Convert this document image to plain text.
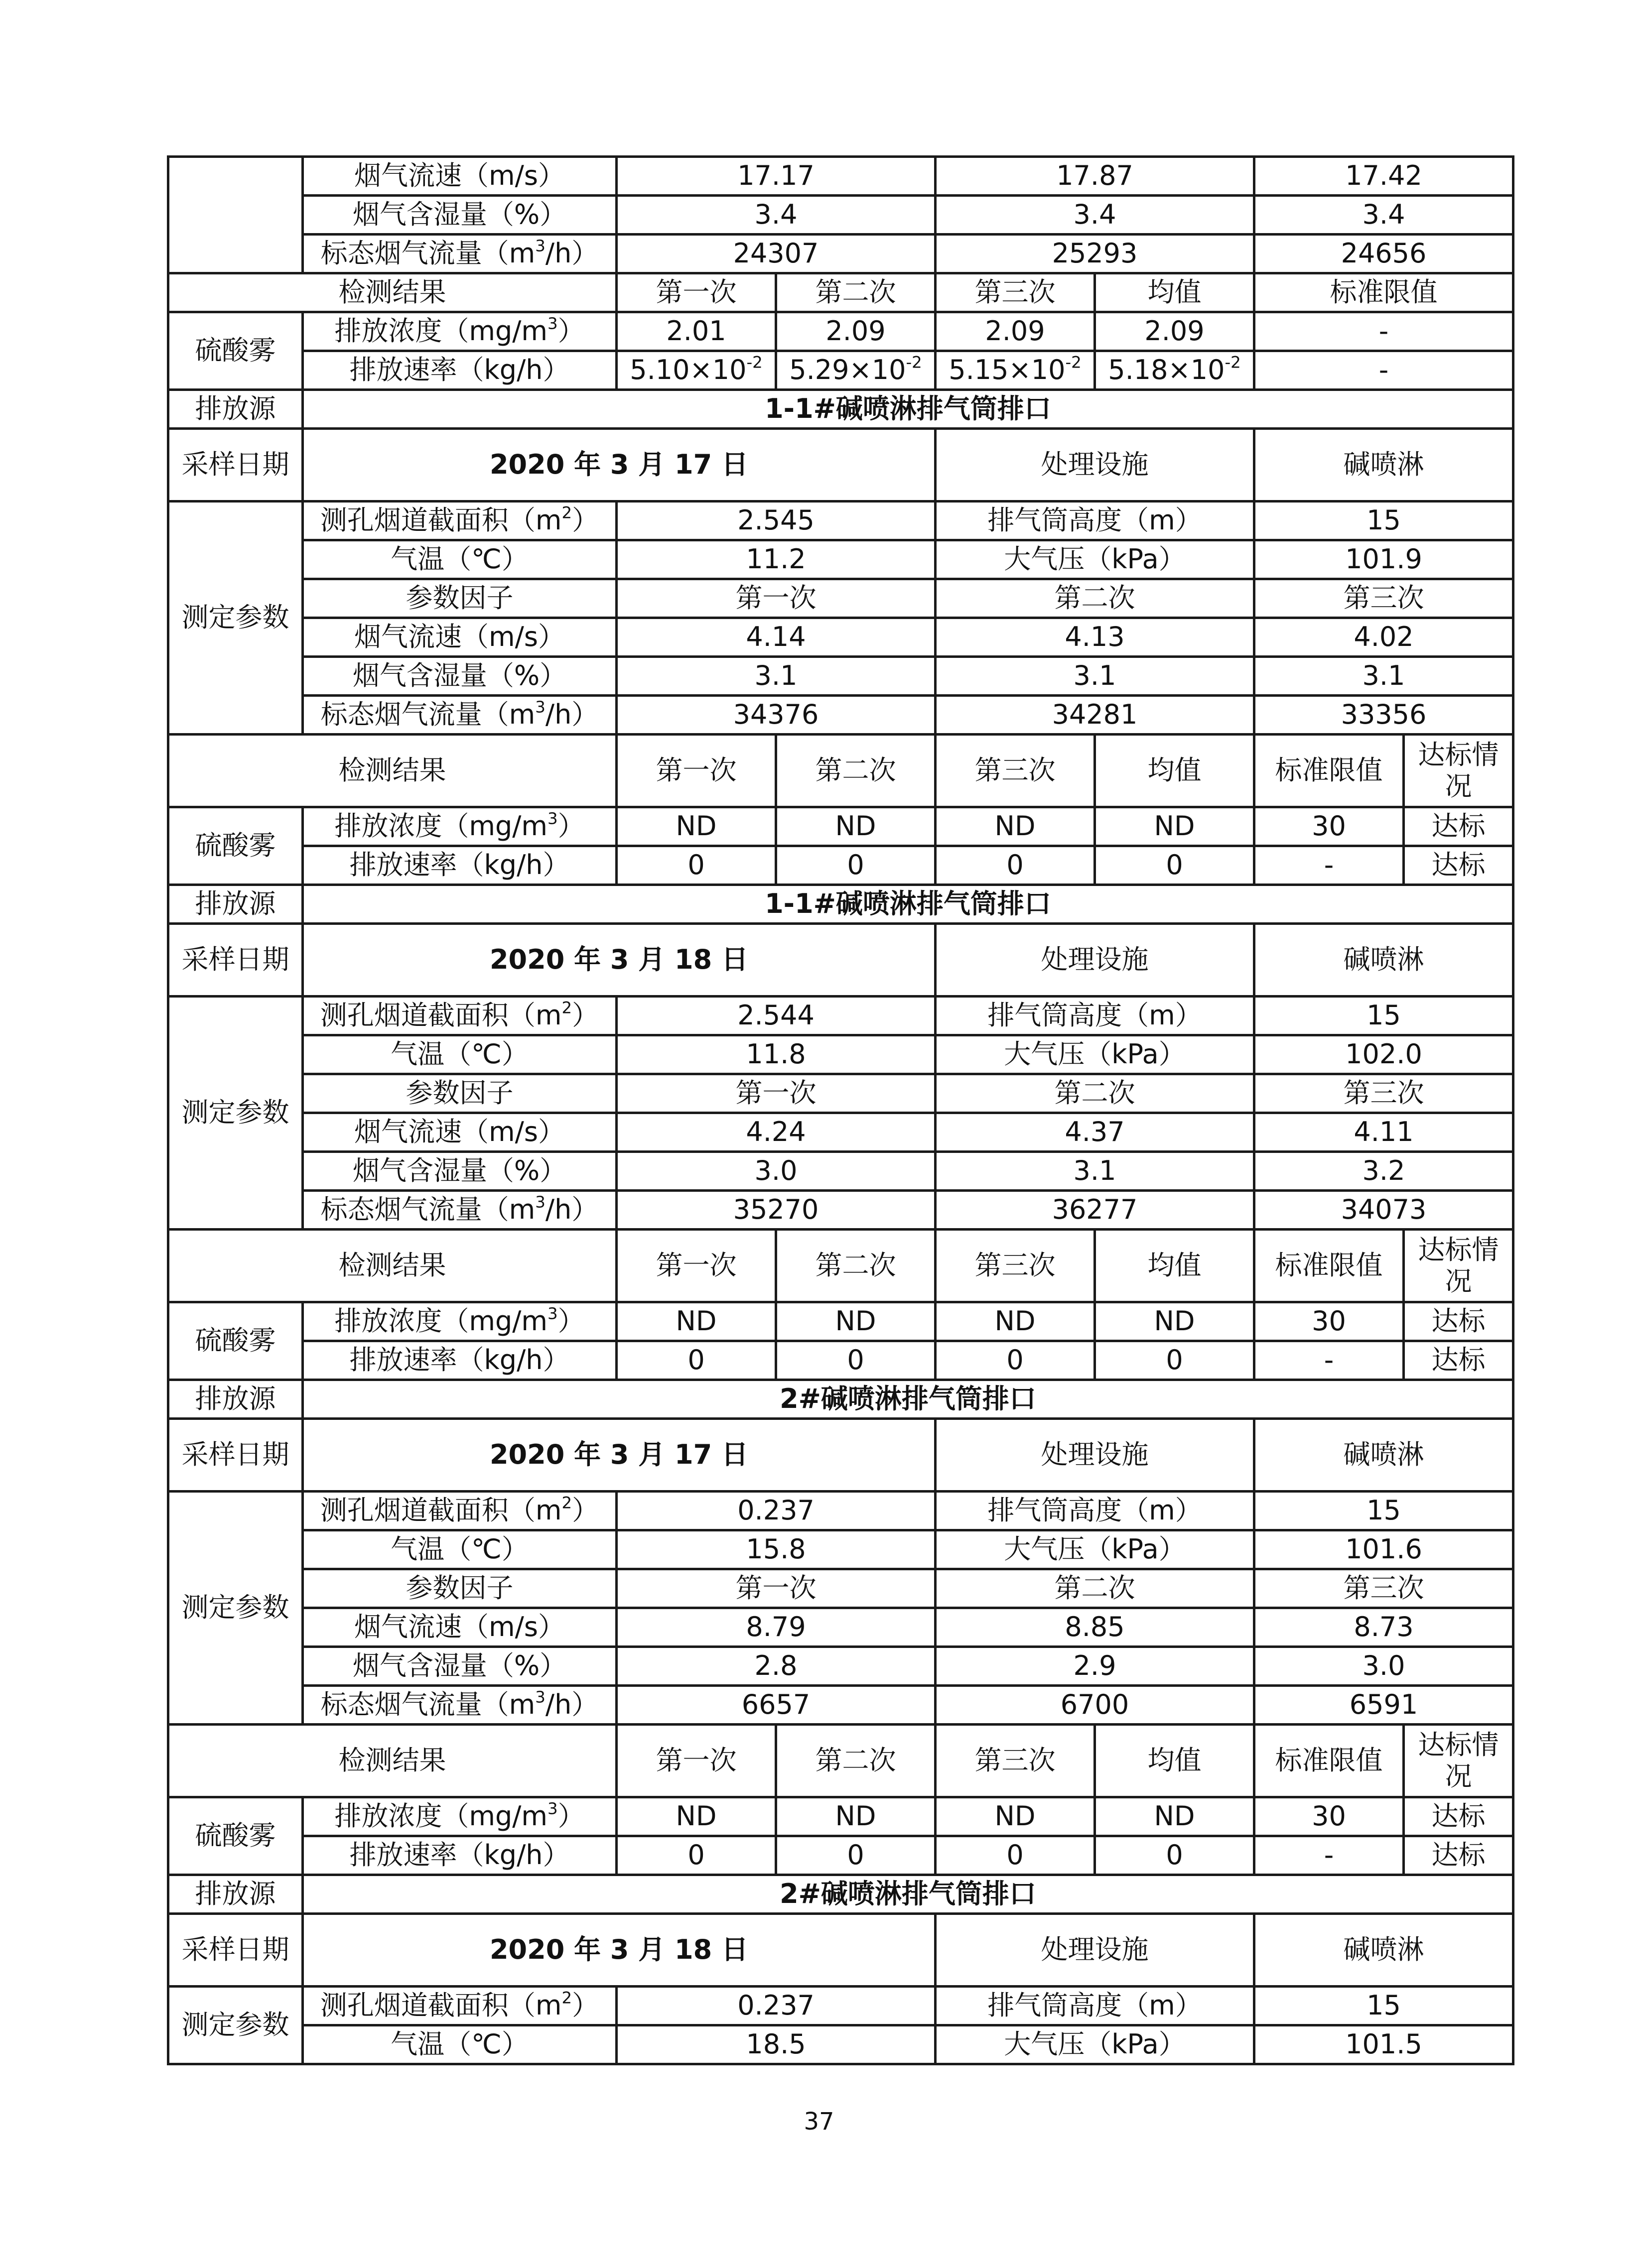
	烟气流速（m/s）	17.17		17.87		17.42	
	烟气含湿量（%）	3.4		3.4		3.4	
	标态烟气流量$(m^3/h)$	24307		25293		24656	
检测结果		第一次	第二次	第三次	均值	标准限值	
硫酸雾	排放浓度$(mg/m^3)$	2.01	2.09	2.09	2.09	-	
	排放速率（kg/h）	$5.10\times 10^{-2}$	$5.29\times 10^{-2}$	$5.15\times 10^{-2}$	$5.18\times 10^{-2}$	-	
排放源	1-1#碱喷淋排气筒排口						
采样日期	2020 年 3 月 17 日			处理设施		碱喷淋	
测定参数	测孔烟道截面积$(m^2)$	2.545		排气筒高度（m）		15	
	气温（℃）	11.2		大气压（kPa）		101.9	
	参数因子	第一次		第二次		第三次	
	烟气流速（m/s）	4.14		4.13		4.02	
	烟气含湿量（%）	3.1		3.1		3.1	
	标态烟气流量$(m^3/h)$	34376		34281		33356	
检测结果		第一次	第二次	第三次	均值	标准限值	达标情况
硫酸雾	排放浓度$(mg/m^3)$	ND	ND	ND	ND	30	达标
	排放速率（kg/h）	0	0	0	0	-	达标
排放源	1-1#碱喷淋排气筒排口						
采样日期	2020 年 3 月 18 日			处理设施		碱喷淋	
测定参数	测孔烟道截面积$(m^2)$	2.544		排气筒高度（m）		15	
	气温（℃）	11.8		大气压（kPa）		102.0	
	参数因子	第一次		第二次		第三次	
	烟气流速（m/s）	4.24		4.37		4.11	
	烟气含湿量（%）	3.0		3.1		3.2	
	标态烟气流量$(m^3/h)$	35270		36277		34073	
检测结果		第一次	第二次	第三次	均值	标准限值	达标情况
硫酸雾	排放浓度$(mg/m^3)$	ND	ND	ND	ND	30	达标
	排放速率（kg/h）	0	0	0	0	-	达标
排放源	2#碱喷淋排气筒排口						
采样日期	2020 年 3 月 17 日			处理设施		碱喷淋	
测定参数	测孔烟道截面积$(m^2)$	0.237		排气筒高度（m）		15	
	气温（℃）	15.8		大气压（kPa）		101.6	
	参数因子	第一次		第二次		第三次	
	烟气流速（m/s）	8.79		8.85		8.73	
	烟气含湿量（%）	2.8		2.9		3.0	
	标态烟气流量$(m^3/h)$	6657		6700		6591	
检测结果		第一次	第二次	第三次	均值	标准限值	达标情况
硫酸雾	排放浓度$(mg/m^3)$	ND	ND	ND	ND	30	达标
	排放速率（kg/h）	0	0	0	0	-	达标
排放源	2#碱喷淋排气筒排口						
采样日期	2020 年 3 月 18 日			处理设施		碱喷淋	
测定参数	测孔烟道截面积$(m^2)$	0.237		排气筒高度（m）		15	
	气温（℃）	18.5		大气压（kPa）		101.5	
37
